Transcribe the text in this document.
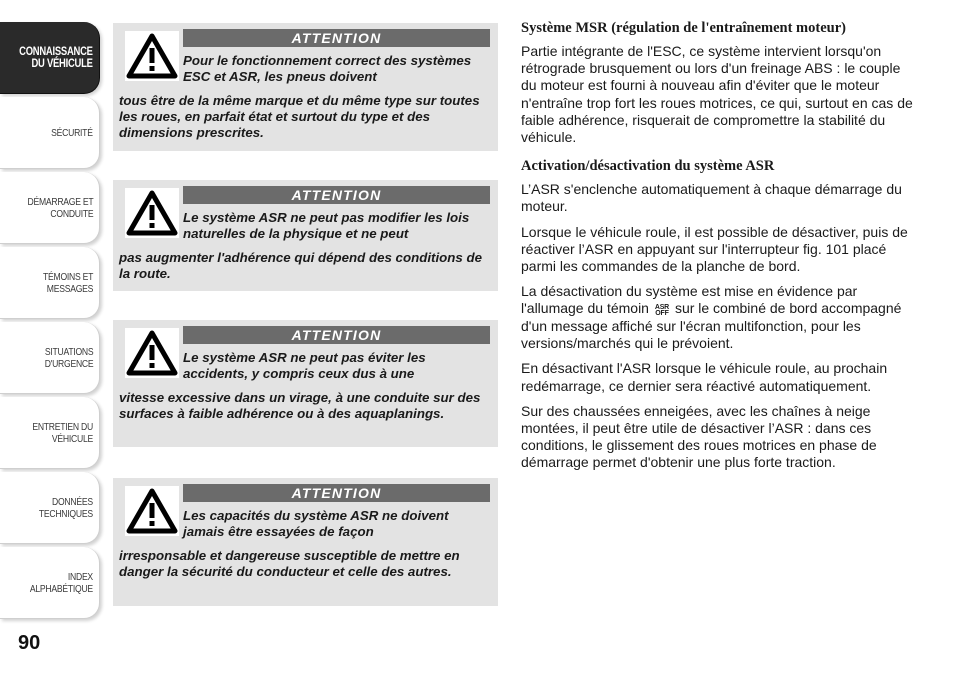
CONNAISSANCE
DU VÉHICULE
SÉCURITÉ
DÉMARRAGE ET
CONDUITE
TÉMOINS ET
MESSAGES
SITUATIONS
D'URGENCE
ENTRETIEN DU
VÉHICULE
DONNÉES
TECHNIQUES
INDEX
ALPHABÉTIQUE
90
ATTENTION
Pour le fonctionnement correct des systèmes ESC et ASR, les pneus doivent
tous être de la même marque et du même type sur toutes les roues, en parfait état et surtout du type et des dimensions prescrites.
ATTENTION
Le système ASR ne peut pas modifier les lois naturelles de la physique et ne peut
pas augmenter l'adhérence qui dépend des conditions de la route.
ATTENTION
Le système ASR ne peut pas éviter les accidents, y compris ceux dus à une
vitesse excessive dans un virage, à une conduite sur des surfaces à faible adhérence ou à des aquaplanings.
ATTENTION
Les capacités du système ASR ne doivent jamais être essayées de façon
irresponsable et dangereuse susceptible de mettre en danger la sécurité du conducteur et celle des autres.
Système MSR (régulation de l'entraînement moteur)

Partie intégrante de l'ESC, ce système intervient lorsqu'on rétrograde brusquement ou lors d'un freinage ABS : le couple du moteur est fourni à nouveau afin d'éviter que le moteur n'entraîne trop fort les roues motrices, ce qui, surtout en cas de faible adhérence, risquerait de compromettre la stabilité du véhicule.

Activation/désactivation du système ASR

L’ASR s'enclenche automatiquement à chaque démarrage du moteur.

Lorsque le véhicule roule, il est possible de désactiver, puis de réactiver l’ASR en appuyant sur l'interrupteur fig. 101 placé parmi les commandes de la planche de bord.

La désactivation du système est mise en évidence par l'allumage du témoin ASR
OFF sur le combiné de bord accompagné d'un message affiché sur l'écran multifonction, pour les versions/marchés qui le prévoient.

En désactivant l'ASR lorsque le véhicule roule, au prochain redémarrage, ce dernier sera réactivé automatiquement.

Sur des chaussées enneigées, avec les chaînes à neige montées, il peut être utile de désactiver l’ASR : dans ces conditions, le glissement des roues motrices en phase de démarrage permet d'obtenir une plus forte traction.
